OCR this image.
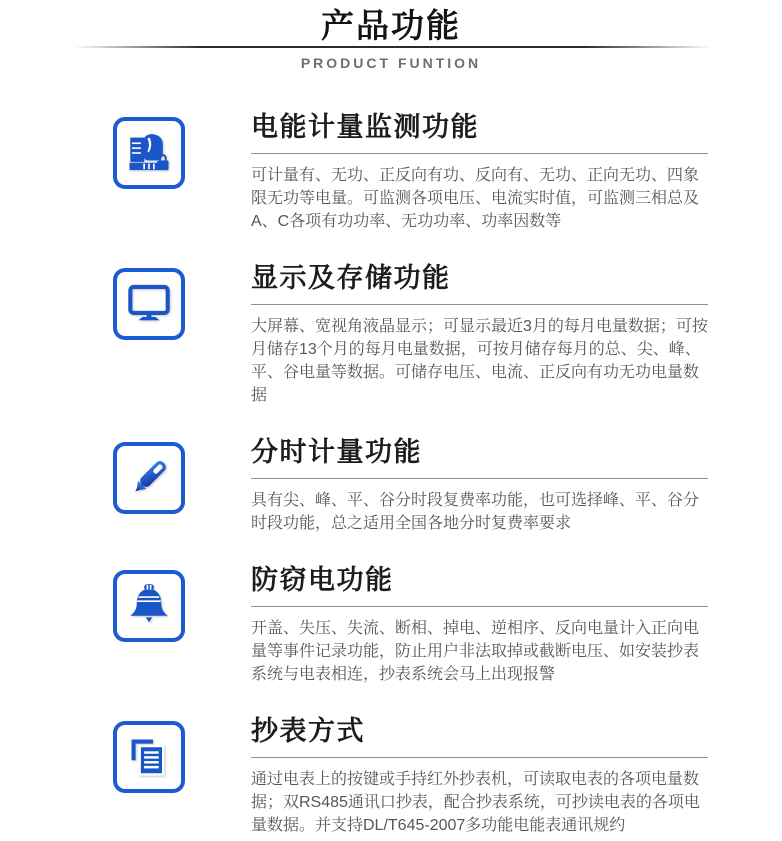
产品功能
PRODUCT FUNTION
电能计量监测功能
可计量有、无功、正反向有功、反向有、无功、正向无功、四象限无功等电量。可监测各项电压、电流实时值，可监测三相总及A、C各项有功功率、无功功率、功率因数等
显示及存储功能
大屏幕、宽视角液晶显示；可显示最近3月的每月电量数据；可按月储存13个月的每月电量数据，可按月储存每月的总、尖、峰、平、谷电量等数据。可储存电压、电流、正反向有功无功电量数据
分时计量功能
具有尖、峰、平、谷分时段复费率功能，也可选择峰、平、谷分时段功能，总之适用全国各地分时复费率要求
防窃电功能
开盖、失压、失流、断相、掉电、逆相序、反向电量计入正向电量等事件记录功能，防止用户非法取掉或截断电压、如安装抄表系统与电表相连，抄表系统会马上出现报警
抄表方式
通过电表上的按键或手持红外抄表机，可读取电表的各项电量数据；双RS485通讯口抄表，配合抄表系统，可抄读电表的各项电量数据。并支持DL/T645-2007多功能电能表通讯规约
